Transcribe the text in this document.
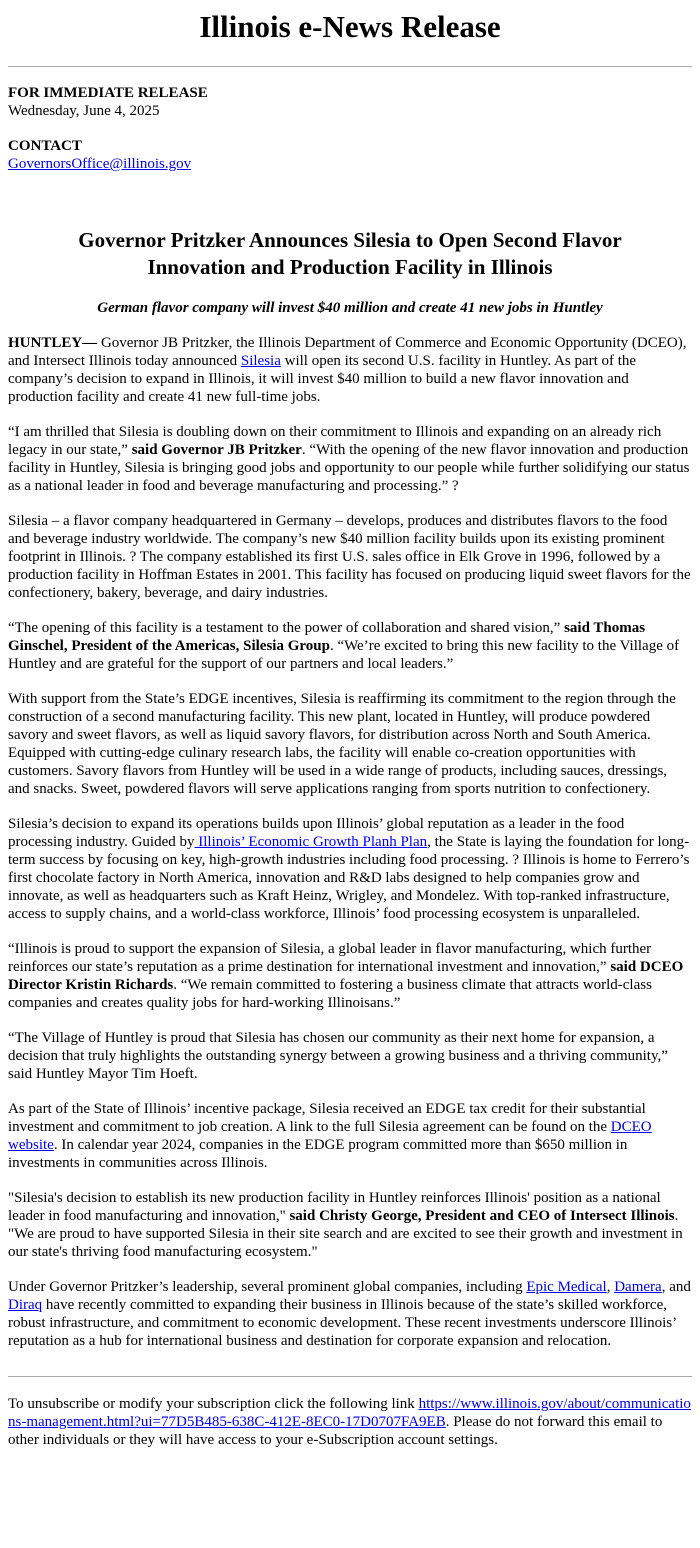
Illinois e-News Release
FOR IMMEDIATE RELEASE
Wednesday, June 4, 2025
CONTACT
GovernorsOffice@illinois.gov
Governor Pritzker Announces Silesia to Open Second Flavor Innovation and Production Facility in Illinois

German flavor company will invest $40 million and create 41 new jobs in Huntley

HUNTLEY— Governor JB Pritzker, the Illinois Department of Commerce and Economic Opportunity (DCEO), and Intersect Illinois today announced Silesia will open its second U.S. facility in Huntley. As part of the company’s decision to expand in Illinois, it will invest $40 million to build a new flavor innovation and production facility and create 41 new full-time jobs.

“I am thrilled that Silesia is doubling down on their commitment to Illinois and expanding on an already rich legacy in our state,” said Governor JB Pritzker. “With the opening of the new flavor innovation and production facility in Huntley, Silesia is bringing good jobs and opportunity to our people while further solidifying our status as a national leader in food and beverage manufacturing and processing.” ?

Silesia – a flavor company headquartered in Germany – develops, produces and distributes flavors to the food and beverage industry worldwide. The company’s new $40 million facility builds upon its existing prominent footprint in Illinois. ? The company established its first U.S. sales office in Elk Grove in 1996, followed by a production facility in Hoffman Estates in 2001. This facility has focused on producing liquid sweet flavors for the confectionery, bakery, beverage, and dairy industries.

“The opening of this facility is a testament to the power of collaboration and shared vision,” said Thomas Ginschel, President of the Americas, Silesia Group. “We’re excited to bring this new facility to the Village of Huntley and are grateful for the support of our partners and local leaders.”

With support from the State’s EDGE incentives, Silesia is reaffirming its commitment to the region through the construction of a second manufacturing facility. This new plant, located in Huntley, will produce powdered savory and sweet flavors, as well as liquid savory flavors, for distribution across North and South America. Equipped with cutting-edge culinary research labs, the facility will enable co-creation opportunities with customers. Savory flavors from Huntley will be used in a wide range of products, including sauces, dressings, and snacks. Sweet, powdered flavors will serve applications ranging from sports nutrition to confectionery.

Silesia’s decision to expand its operations builds upon Illinois’ global reputation as a leader in the food processing industry. Guided by Illinois’ Economic Growth Planh Plan, the State is laying the foundation for long-term success by focusing on key, high-growth industries including food processing. ? Illinois is home to Ferrero’s first chocolate factory in North America, innovation and R&D labs designed to help companies grow and innovate, as well as headquarters such as Kraft Heinz, Wrigley, and Mondelez. With top-ranked infrastructure, access to supply chains, and a world-class workforce, Illinois’ food processing ecosystem is unparalleled.

“Illinois is proud to support the expansion of Silesia, a global leader in flavor manufacturing, which further reinforces our state’s reputation as a prime destination for international investment and innovation,” said DCEO Director Kristin Richards. “We remain committed to fostering a business climate that attracts world-class companies and creates quality jobs for hard-working Illinoisans.”

“The Village of Huntley is proud that Silesia has chosen our community as their next home for expansion, a decision that truly highlights the outstanding synergy between a growing business and a thriving community,” said Huntley Mayor Tim Hoeft.

As part of the State of Illinois’ incentive package, Silesia received an EDGE tax credit for their substantial investment and commitment to job creation. A link to the full Silesia agreement can be found on the DCEO website. In calendar year 2024, companies in the EDGE program committed more than $650 million in investments in communities across Illinois.

"Silesia's decision to establish its new production facility in Huntley reinforces Illinois' position as a national leader in food manufacturing and innovation," said Christy George, President and CEO of Intersect Illinois. "We are proud to have supported Silesia in their site search and are excited to see their growth and investment in our state's thriving food manufacturing ecosystem."

Under Governor Pritzker’s leadership, several prominent global companies, including Epic Medical, Damera, and Diraq have recently committed to expanding their business in Illinois because of the state’s skilled workforce, robust infrastructure, and commitment to economic development. These recent investments underscore Illinois’ reputation as a hub for international business and destination for corporate expansion and relocation.

To unsubscribe or modify your subscription click the following link https://www.illinois.gov/about/communications-management.html?ui=77D5B485-638C-412E-8EC0-17D0707FA9EB. Please do not forward this email to other individuals or they will have access to your e-Subscription account settings.
